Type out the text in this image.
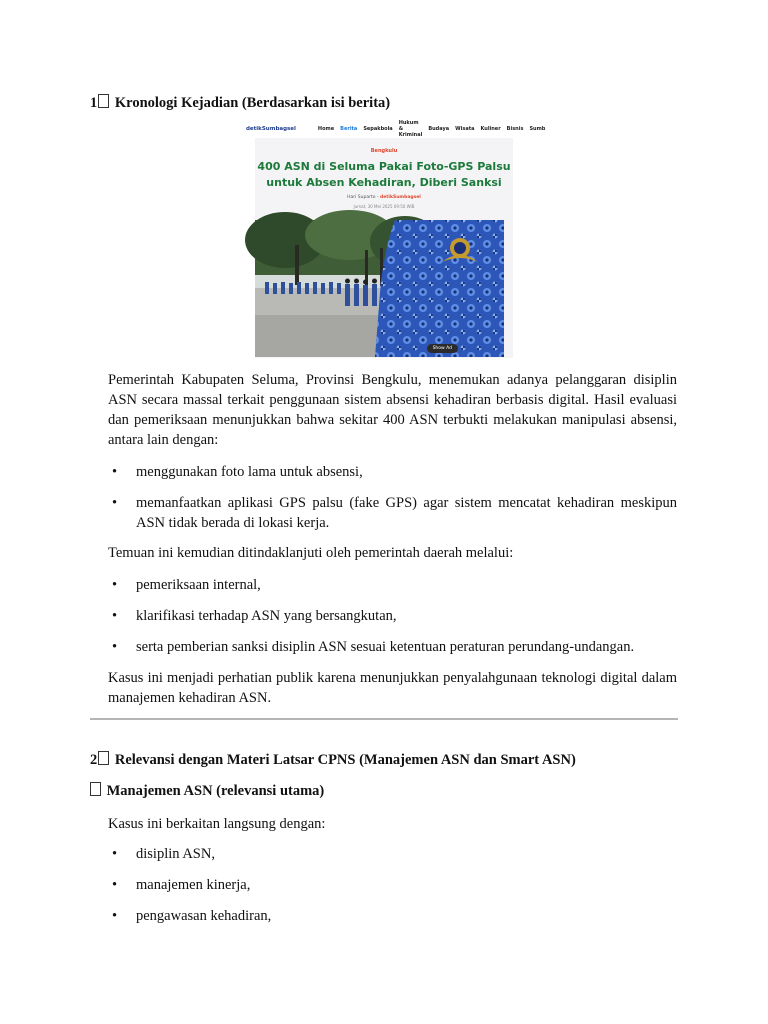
1 Kronologi Kejadian (Berdasarkan isi berita)
detikSumbagsel	Home Berita Sepakbola
Hukum & Kriminal
Budaya Wisata Kuliner Bisnis Sumb
Bengkulu
400 ASN di Seluma Pakai Foto-GPS Palsu
untuk Absen Kehadiran, Diberi Sanksi
Hari Suparto - detikSumbagsel
Jumat, 30 Mei 2025 09:50 WIB
Show Ad
Pemerintah Kabupaten Seluma, Provinsi Bengkulu, menemukan adanya pelanggaran disiplin ASN secara massal terkait penggunaan sistem absensi kehadiran berbasis digital. Hasil evaluasi dan pemeriksaan menunjukkan bahwa sekitar 400 ASN terbukti melakukan manipulasi absensi, antara lain dengan:
• menggunakan foto lama untuk absensi,
• memanfaatkan aplikasi GPS palsu (fake GPS) agar sistem mencatat kehadiran meskipun ASN tidak berada di lokasi kerja.
Temuan ini kemudian ditindaklanjuti oleh pemerintah daerah melalui:
• pemeriksaan internal,
• klarifikasi terhadap ASN yang bersangkutan,
• serta pemberian sanksi disiplin ASN sesuai ketentuan peraturan perundang-undangan.
Kasus ini menjadi perhatian publik karena menunjukkan penyalahgunaan teknologi digital dalam manajemen kehadiran ASN.
2 Relevansi dengan Materi Latsar CPNS (Manajemen ASN dan Smart ASN)
Manajemen ASN (relevansi utama)
Kasus ini berkaitan langsung dengan:
• disiplin ASN,
• manajemen kinerja,
• pengawasan kehadiran,
